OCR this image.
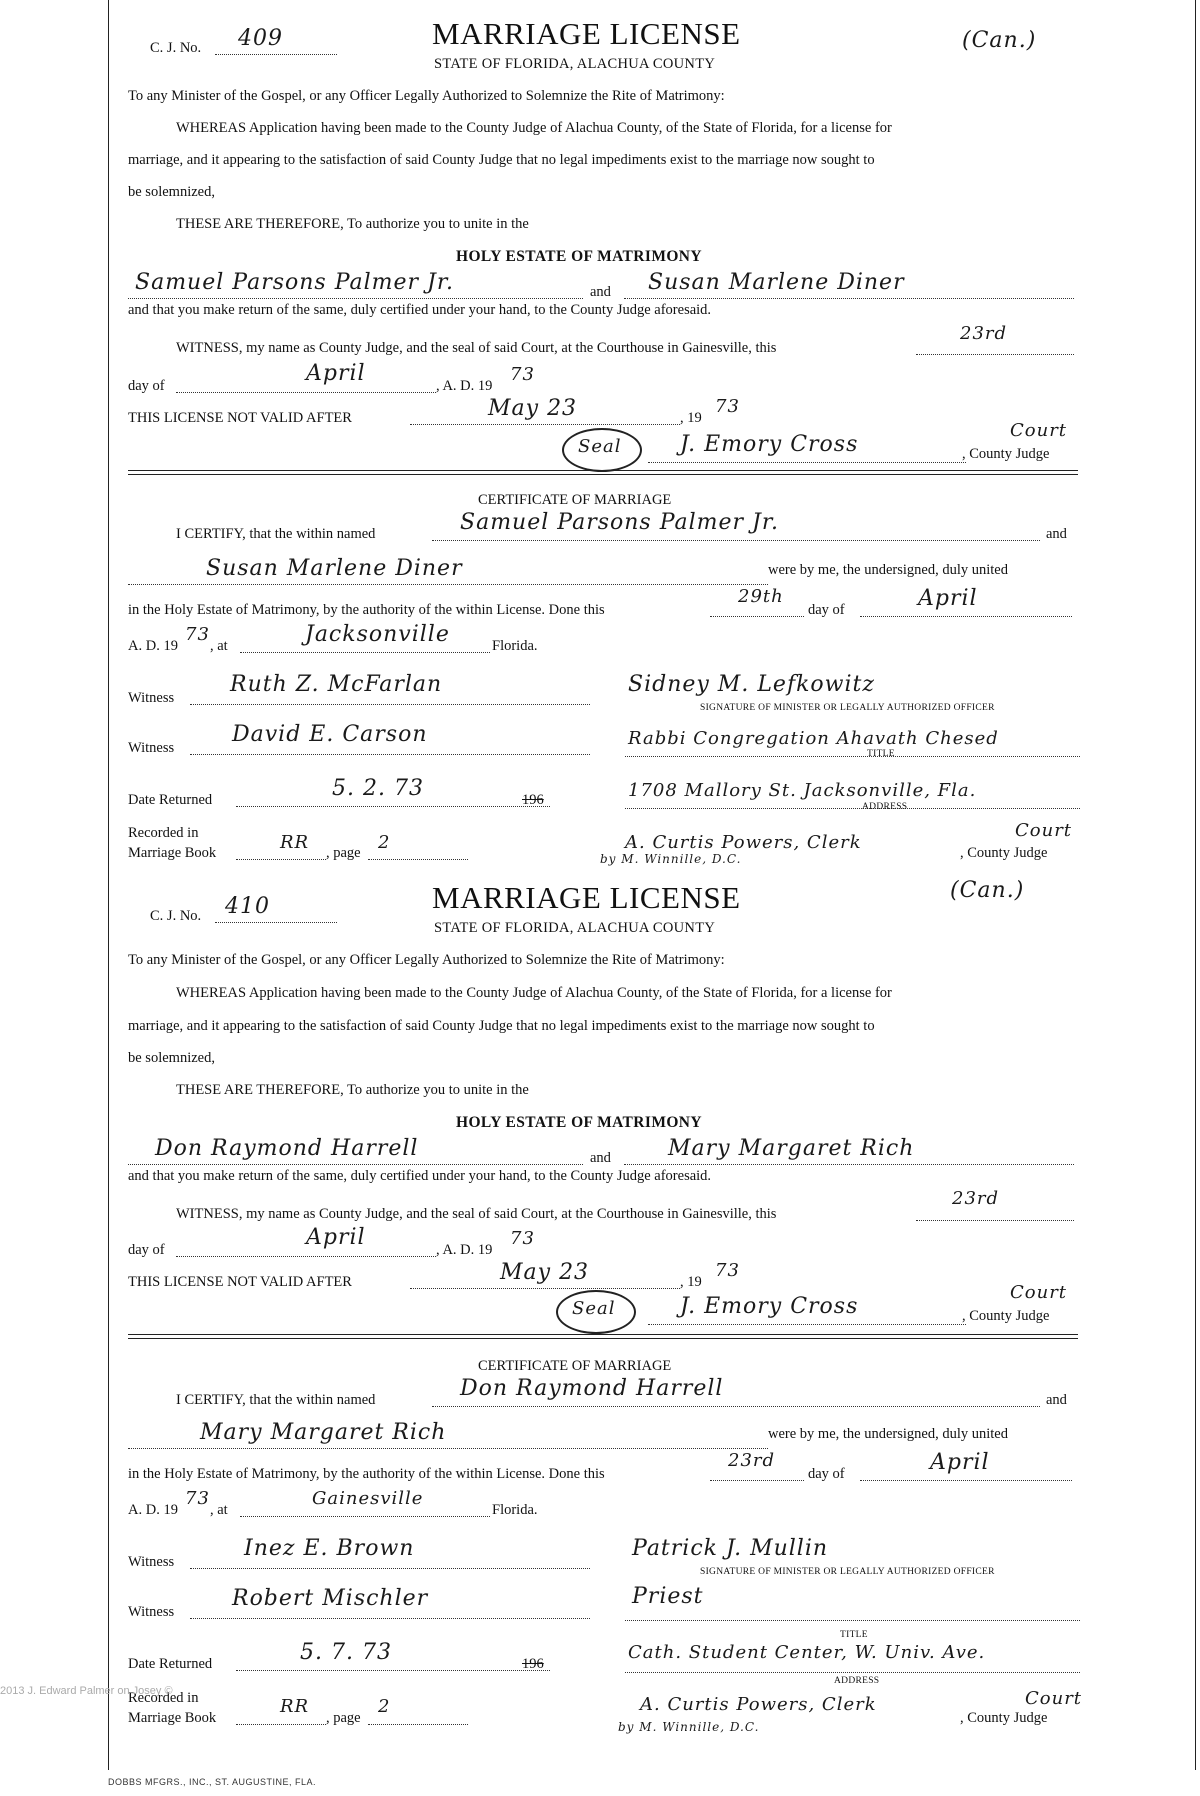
C. J. No. 409	MARRIAGE LICENSE
STATE OF FLORIDA, ALACHUA COUNTY
(Can.)
To any Minister of the Gospel, or any Officer Legally Authorized to Solemnize the Rite of Matrimony:
WHEREAS Application having been made to the County Judge of Alachua County, of the State of Florida, for a license for
marriage, and it appearing to the satisfaction of said County Judge that no legal impediments exist to the marriage now sought to
be solemnized,
THESE ARE THEREFORE, To authorize you to unite in the
HOLY ESTATE OF MATRIMONY
Samuel Parsons Palmer Jr.	and Susan Marlene Diner
and that you make return of the same, duly certified under your hand, to the County Judge aforesaid.
WITNESS, my name as County Judge, and the seal of said Court, at the Courthouse in Gainesville, this
23rd
day of	April	, A. D. 19
73
THIS LICENSE NOT VALID AFTER	May 23	, 19
73
Seal	J. Emory Cross	, County Judge
Court
CERTIFICATE OF MARRIAGE
I CERTIFY, that the within named	Samuel Parsons Palmer Jr.	and
Susan Marlene Diner	were by me, the undersigned, duly united
in the Holy Estate of Matrimony, by the authority of the within License. Done this
29th
day of	April
A. D. 19
73
, at	Jacksonville	Florida.
Witness
Ruth Z. McFarlan	Sidney M. Lefkowitz
SIGNATURE OF MINISTER OR LEGALLY AUTHORIZED OFFICER
Witness
David E. Carson	Rabbi Congregation Ahavath Chesed
TITLE
Date Returned	5. 2. 73	196	1708 Mallory St. Jacksonville, Fla.
ADDRESS
Recorded in
Marriage Book	RR , page 2	A. Curtis Powers, Clerk
by M. Winnille, D.C.	, County Judge
Court
C. J. No. 410	MARRIAGE LICENSE
STATE OF FLORIDA, ALACHUA COUNTY
(Can.)
To any Minister of the Gospel, or any Officer Legally Authorized to Solemnize the Rite of Matrimony:
WHEREAS Application having been made to the County Judge of Alachua County, of the State of Florida, for a license for
marriage, and it appearing to the satisfaction of said County Judge that no legal impediments exist to the marriage now sought to
be solemnized,
THESE ARE THEREFORE, To authorize you to unite in the
HOLY ESTATE OF MATRIMONY
Don Raymond Harrell	and	Mary Margaret Rich
and that you make return of the same, duly certified under your hand, to the County Judge aforesaid.
WITNESS, my name as County Judge, and the seal of said Court, at the Courthouse in Gainesville, this
23rd
day of	April	, A. D. 19
73
THIS LICENSE NOT VALID AFTER	May 23	, 19
73
Seal	J. Emory Cross	, County Judge
Court
CERTIFICATE OF MARRIAGE
I CERTIFY, that the within named	Don Raymond Harrell	and
Mary Margaret Rich	were by me, the undersigned, duly united
in the Holy Estate of Matrimony, by the authority of the within License. Done this
23rd
day of	April
A. D. 19
73
, at
Gainesville
Florida.
Witness
Inez E. Brown	Patrick J. Mullin
SIGNATURE OF MINISTER OR LEGALLY AUTHORIZED OFFICER
Witness
Robert Mischler	Priest
TITLE
Date Returned	5. 7. 73	196
Cath. Student Center, W. Univ. Ave.
ADDRESS
Recorded in
Marriage Book
RR
, page
2	A. Curtis Powers, Clerk
by M. Winnille, D.C.
, County Judge
Court
2013 J. Edward Palmer on Josey ©
DOBBS MFGRS., INC., ST. AUGUSTINE, FLA.
